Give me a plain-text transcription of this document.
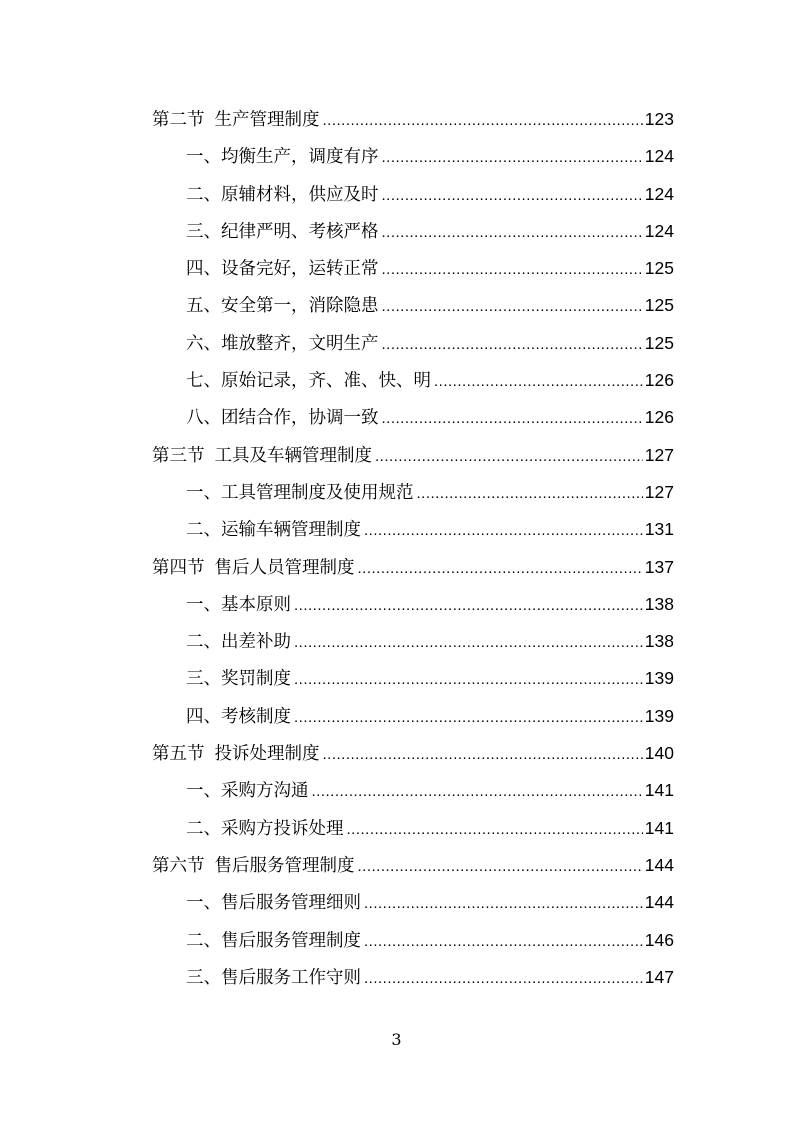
第二节 生产管理制度 .....	123
一、均衡生产，调度有序 .....	124
二、原辅材料，供应及时 .....	124
三、纪律严明、考核严格 .....	124
四、设备完好，运转正常 .....	125
五、安全第一，消除隐患 .....	125
六、堆放整齐，文明生产 .....	125
七、原始记录，齐、准、快、明 .....	126
八、团结合作，协调一致 .....	126
第三节 工具及车辆管理制度 .....	127
一、工具管理制度及使用规范 .....	127
二、运输车辆管理制度 .....	131
第四节 售后人员管理制度 .....	137
一、基本原则 .....	138
二、出差补助 .....	138
三、奖罚制度 .....	139
四、考核制度 .....	139
第五节 投诉处理制度 .....	140
一、采购方沟通 .....	141
二、采购方投诉处理 .....	141
第六节 售后服务管理制度 .....	144
一、售后服务管理细则 .....	144
二、售后服务管理制度 .....	146
三、售后服务工作守则 .....	147
3
